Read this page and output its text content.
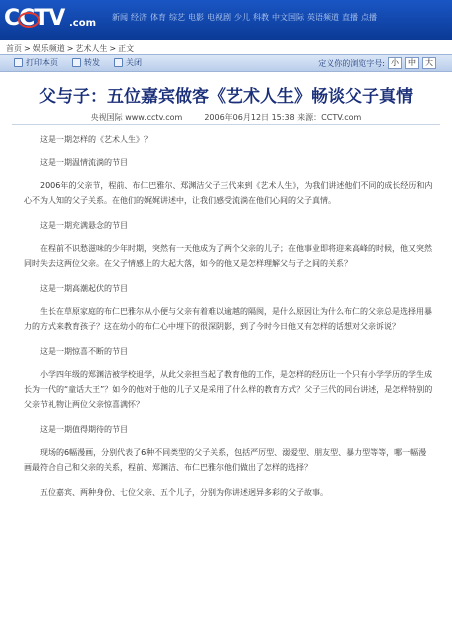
CCTV .com
新闻 经济 体育 综艺 电影 电视剧 少儿 科教 中文国际 英语频道 直播 点播
首页 > 娱乐频道 > 艺术人生 > 正文
打印本页	转发	关闭	定义你的浏览字号: 小	中	大
父与子：五位嘉宾做客《艺术人生》畅谈父子真情
央视国际 www.cctv.com	2006年06月12日 15:38 来源：CCTV.com

这是一期怎样的《艺术人生》？

这是一期温情流淌的节目

2006年的父亲节，程前、布仁巴雅尔、郑渊洁父子三代来到《艺术人生》，为我们讲述他们不同的成长经历和内心不为人知的父子关系。在他们的娓娓讲述中，让我们感受流淌在他们心间的父子真情。

这是一期充满悬念的节目

在程前不识愁滋味的少年时期，突然有一天他成为了两个父亲的儿子；在他事业即将迎来高峰的时候，他又突然同时失去这两位父亲。在父子情感上的大起大落，如今的他又是怎样理解父与子之间的关系？

这是一期高潮起伏的节目

生长在草原家庭的布仁巴雅尔从小便与父亲有着难以逾越的隔阂，是什么原因让为什么布仁的父亲总是选择用暴力的方式来教育孩子？这在幼小的布仁心中埋下的很深阴影，到了今时今日他又有怎样的话想对父亲诉说？

这是一期惊喜不断的节目

小学四年级的郑渊洁被学校退学，从此父亲担当起了教育他的工作，是怎样的经历让一个只有小学学历的学生成长为一代的“童话大王”？如今的他对于他的儿子又是采用了什么样的教育方式？父子三代的同台讲述，是怎样特别的父亲节礼物让两位父亲惊喜满怀？

这是一期值得期待的节目

现场的6幅漫画，分别代表了6种不同类型的父子关系，包括严厉型、溺爱型、朋友型、暴力型等等，哪一幅漫画最符合自己和父亲的关系，程前、郑渊洁、布仁巴雅尔他们做出了怎样的选择？

五位嘉宾、两种身份、七位父亲、五个儿子，分别为你讲述迥异多彩的父子故事。
